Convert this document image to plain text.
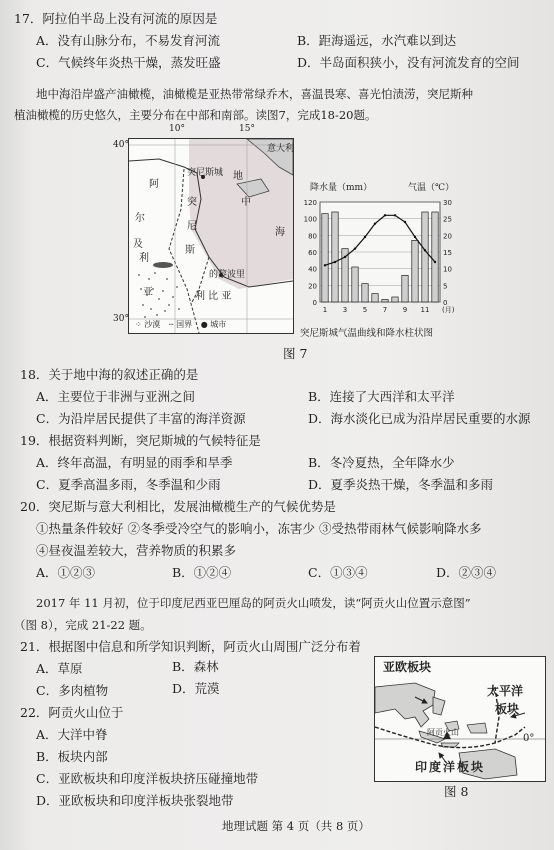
17．阿拉伯半岛上没有河流的原因是
A．没有山脉分布，不易发育河流	B．距海遥远，水汽难以到达
C．气候终年炎热干燥，蒸发旺盛	D．半岛面积狭小，没有河流发育的空间
地中海沿岸盛产油橄榄，油橄榄是亚热带常绿乔木，喜温畏寒、喜光怕渍涝，突尼斯种
植油橄榄的历史悠久，主要分布在中部和南部。读图7，完成18-20题。
10°	15°
40°
30°
意大利
突尼斯城
的黎波里
地
中
海
阿
尔
及
利
亚
突
尼
斯
利 比 亚
⁘ 沙漠 ┄ 国界 ● 城市
降水量（mm）	气温（℃）
0
20
40
60
80
100
120
0
5
10
15
20
25
30
1 3 5 7 9 11 (月)
突尼斯城气温曲线和降水柱状图
图 7
18．关于地中海的叙述正确的是
A．主要位于非洲与亚洲之间	B．连接了大西洋和太平洋
C．为沿岸居民提供了丰富的海洋资源	D．海水淡化已成为沿岸居民重要的水源
19．根据资料判断，突尼斯城的气候特征是
A．终年高温，有明显的雨季和旱季	B．冬冷夏热，全年降水少
C．夏季高温多雨，冬季温和少雨	D．夏季炎热干燥，冬季温和多雨
20．突尼斯与意大利相比，发展油橄榄生产的气候优势是
①热量条件较好 ②冬季受冷空气的影响小，冻害少 ③受热带雨林气候影响降水多
④昼夜温差较大，营养物质的积累多
A．①②③	B．①②④	C．①③④	D．②③④
2017 年 11 月初，位于印度尼西亚巴厘岛的阿贡火山喷发，读“阿贡火山位置示意图”
（图 8），完成 21-22 题。
21．根据图中信息和所学知识判断，阿贡火山周围广泛分布着
A．草原	B．森林
C．多肉植物	D．荒漠
22．阿贡火山位于
A．大洋中脊
B．板块内部
C．亚欧板块和印度洋板块挤压碰撞地带
D．亚欧板块和印度洋板块张裂地带
亚欧板块
太平洋
板块
阿贡火山
0°
印度洋板块
图 8
地理试题 第 4 页（共 8 页）
